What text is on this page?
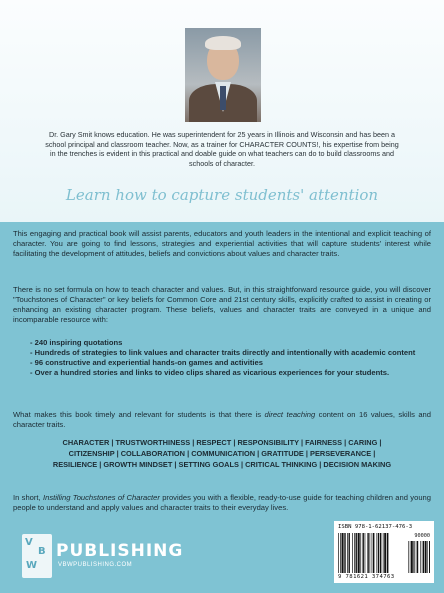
Dr. Gary Smit knows education. He was superintendent for 25 years in Illinois and Wisconsin and has been a school principal and classroom teacher. Now, as a trainer for CHARACTER COUNTS!, his expertise from being in the trenches is evident in this practical and doable guide on what teachers can do to build classrooms and schools of character.

Learn how to capture students' attention

This engaging and practical book will assist parents, educators and youth leaders in the intentional and explicit teaching of character. You are going to find lessons, strategies and experiential activities that will capture students' interest while facilitating the development of attitudes, beliefs and convictions about values and character traits.

There is no set formula on how to teach character and values. But, in this straightforward resource guide, you will discover "Touchstones of Character" or key beliefs for Common Core and 21st century skills, explicitly crafted to assist in creating or enhancing an existing character program. These beliefs, values and character traits are conveyed in a unique and incomparable resource with:

- 240 inspiring quotations
- Hundreds of strategies to link values and character traits directly and intentionally with academic content
- 96 constructive and experiential hands-on games and activities
- Over a hundred stories and links to video clips shared as vicarious experiences for your students.

What makes this book timely and relevant for students is that there is direct teaching content on 16 values, skills and character traits.

CHARACTER | TRUSTWORTHINESS | RESPECT | RESPONSIBILITY | FAIRNESS | CARING |
CITIZENSHIP | COLLABORATION | COMMUNICATION | GRATITUDE | PERSEVERANCE |
RESILIENCE | GROWTH MINDSET | SETTING GOALS | CRITICAL THINKING | DECISION MAKING

In short, Instilling Touchstones of Character provides you with a flexible, ready-to-use guide for teaching children and young people to understand and apply values and character traits to their everyday lives.

V
B
W
PUBLISHING
VBWPUBLISHING.COM
ISBN 978-1-62137-476-3
90000
9 781621 374763
